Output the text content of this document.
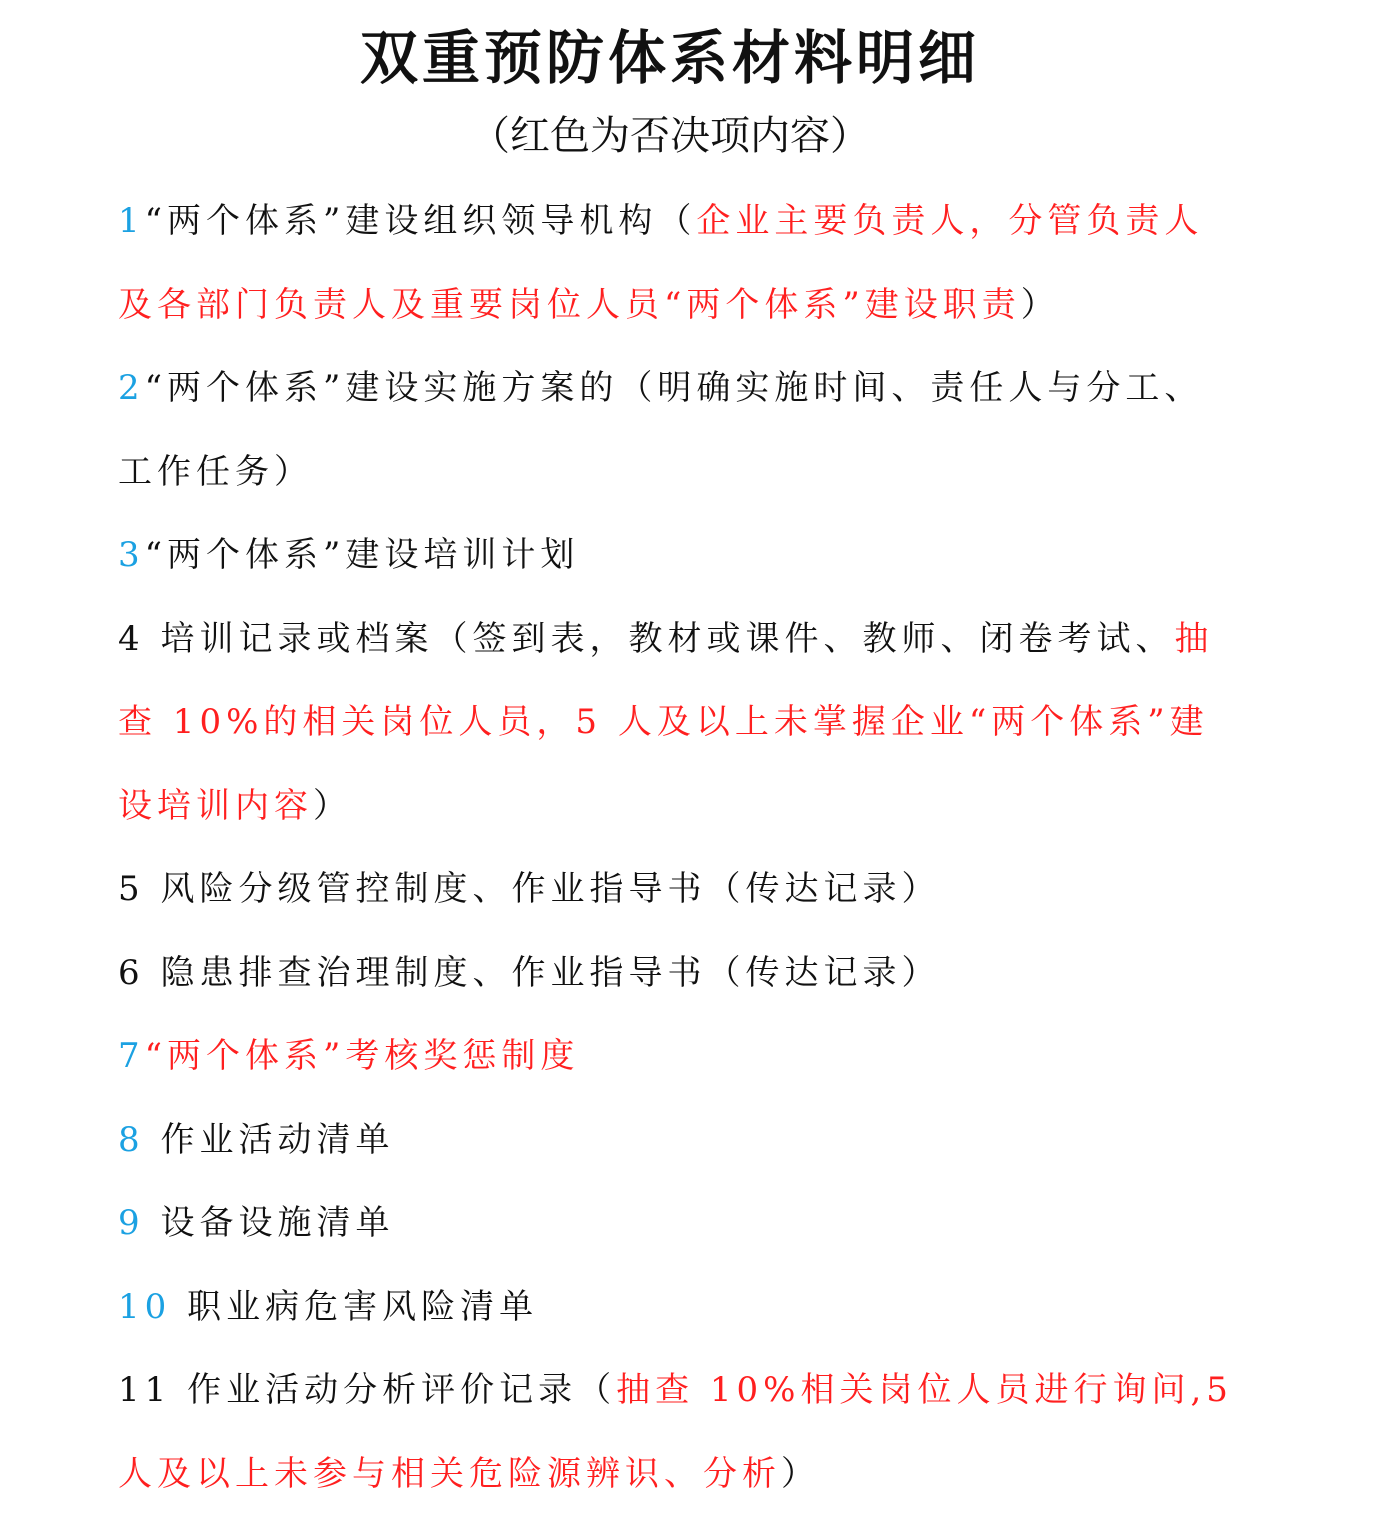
双重预防体系材料明细

（红色为否决项内容）

1“两个体系”建设组织领导机构（企业主要负责人，分管负责人及各部门负责人及重要岗位人员“两个体系”建设职责）
2“两个体系”建设实施方案的（明确实施时间、责任人与分工、工作任务）
3“两个体系”建设培训计划
4 培训记录或档案（签到表，教材或课件、教师、闭卷考试、抽查 10%的相关岗位人员，5 人及以上未掌握企业“两个体系”建设培训内容）
5 风险分级管控制度、作业指导书（传达记录）
6 隐患排查治理制度、作业指导书（传达记录）
7“两个体系”考核奖惩制度
8 作业活动清单
9 设备设施清单
10 职业病危害风险清单
11 作业活动分析评价记录（抽查 10%相关岗位人员进行询问,5 人及以上未参与相关危险源辨识、分析）
